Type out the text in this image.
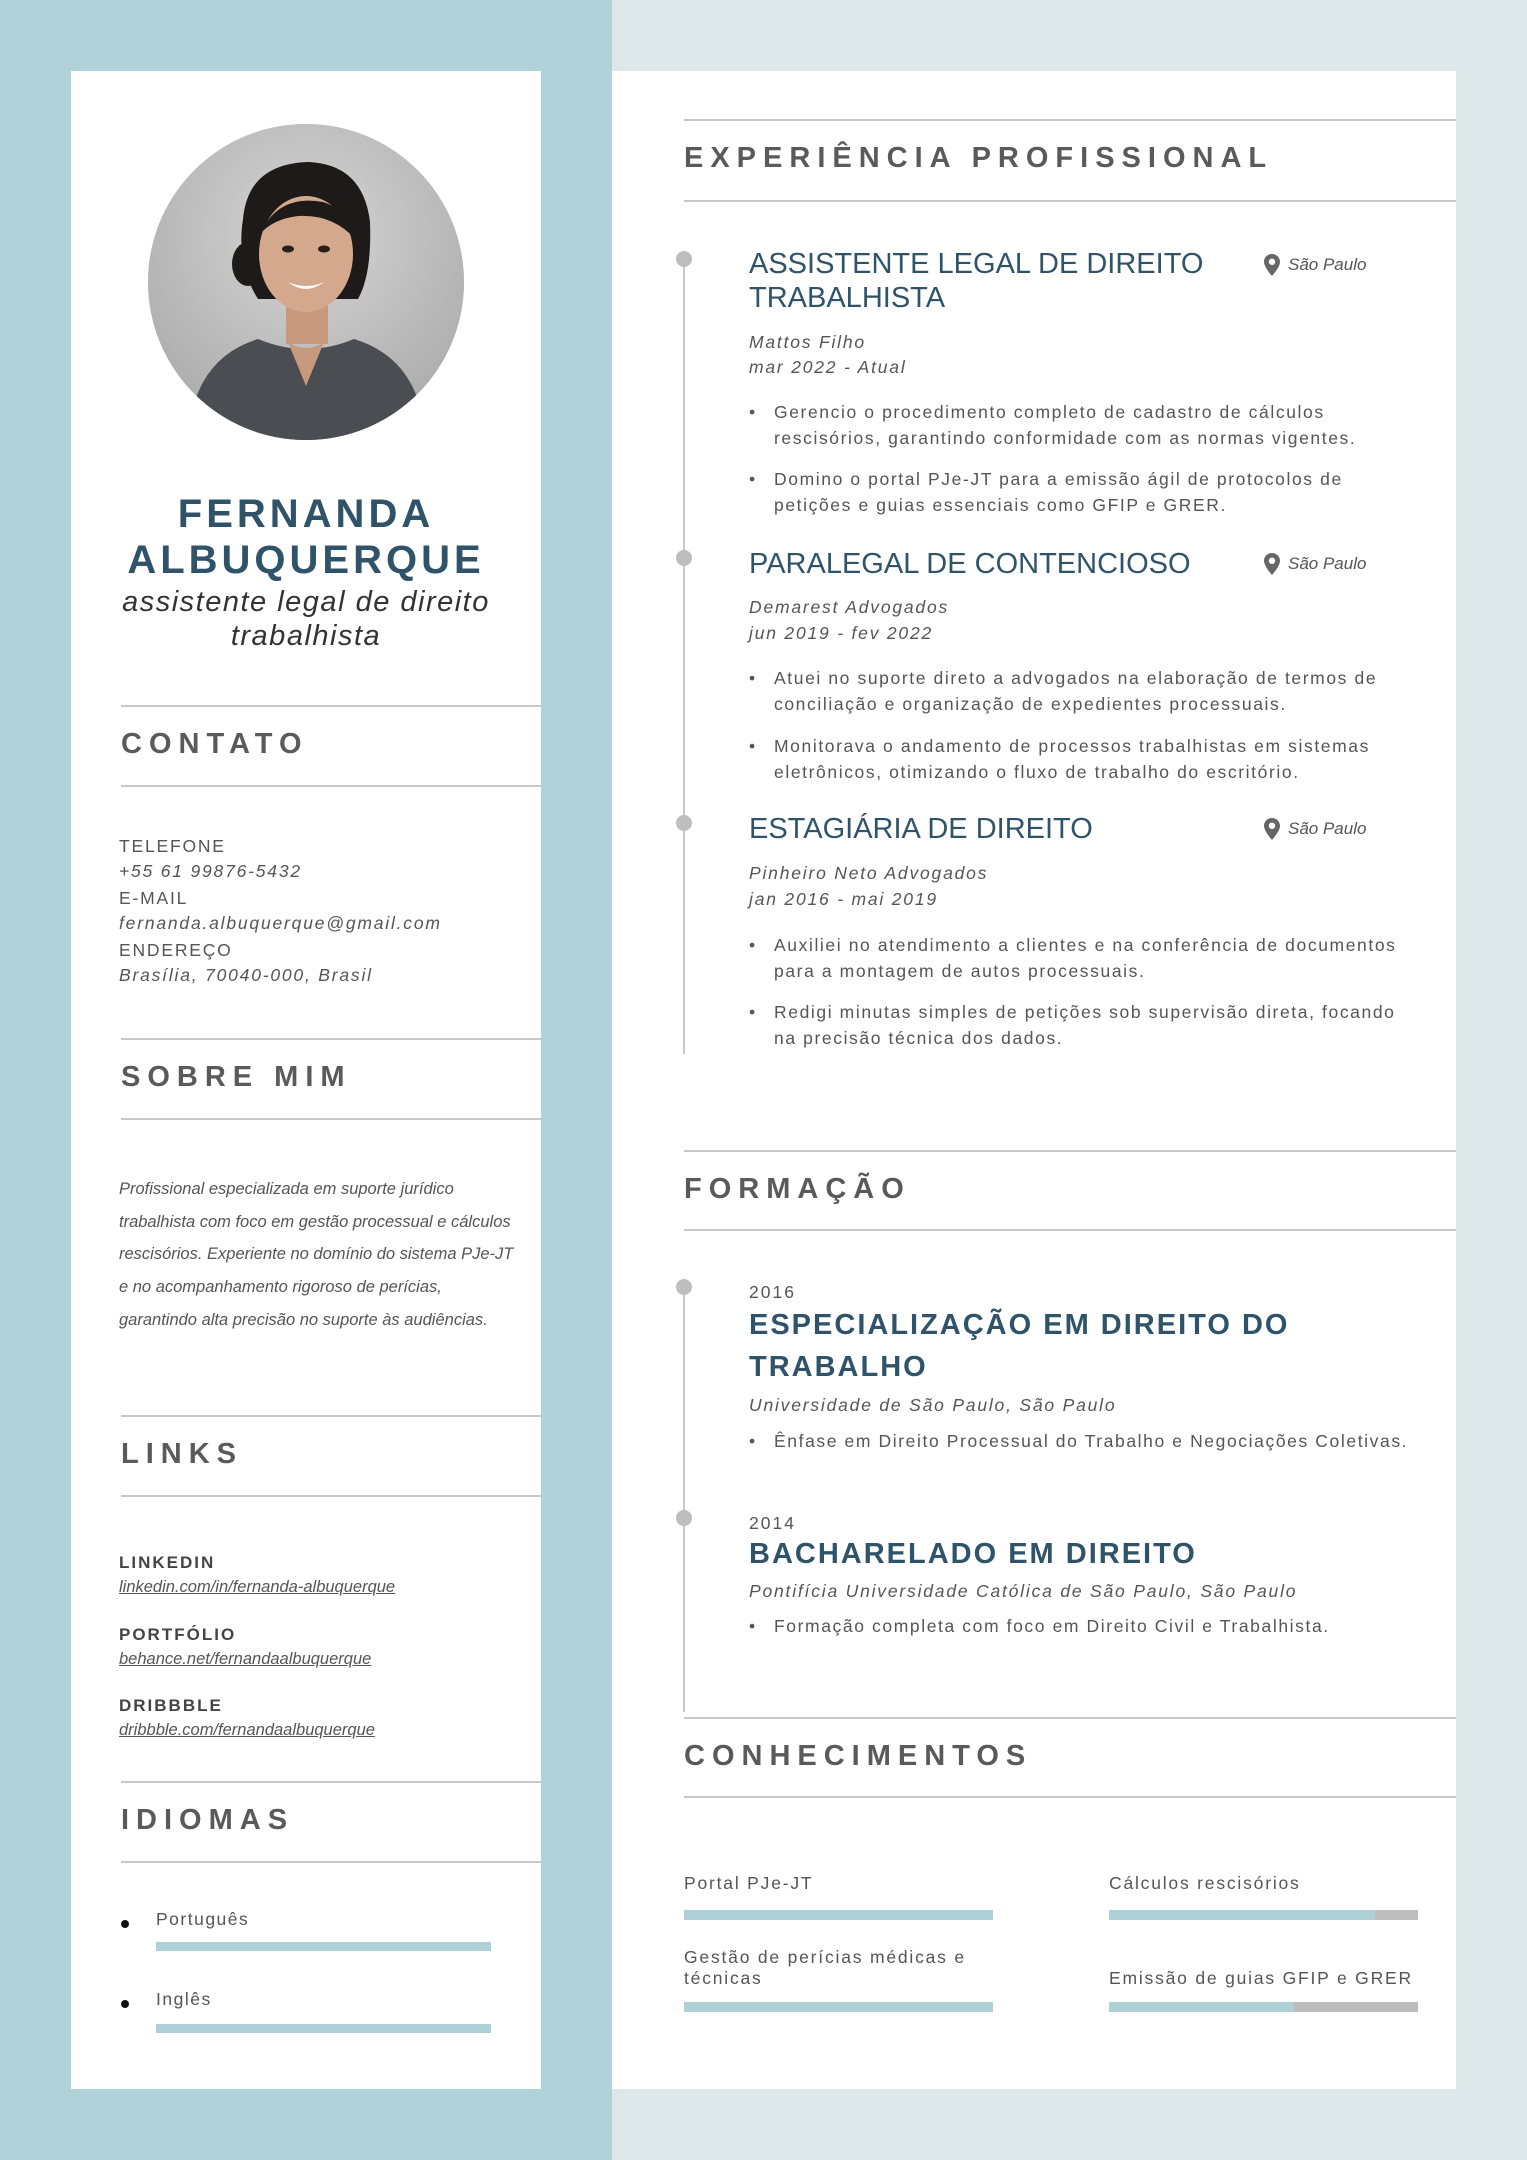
FERNANDA ALBUQUERQUE
assistente legal de direito trabalhista
CONTATO
TELEFONE
+55 61 99876-5432
E-MAIL
fernanda.albuquerque@gmail.com
ENDEREÇO
Brasília, 70040-000, Brasil
SOBRE MIM
Profissional especializada em suporte jurídico trabalhista com foco em gestão processual e cálculos rescisórios. Experiente no domínio do sistema PJe-JT e no acompanhamento rigoroso de perícias, garantindo alta precisão no suporte às audiências.
LINKS
LINKEDIN
linkedin.com/in/fernanda-albuquerque
PORTFÓLIO
behance.net/fernandaalbuquerque
DRIBBBLE
dribbble.com/fernandaalbuquerque
IDIOMAS
Português
Inglês
EXPERIÊNCIA PROFISSIONAL
ASSISTENTE LEGAL DE DIREITO TRABALHISTA
São Paulo
Mattos Filho
mar 2022 - Atual
• Gerencio o procedimento completo de cadastro de cálculos rescisórios, garantindo conformidade com as normas vigentes.
• Domino o portal PJe-JT para a emissão ágil de protocolos de petições e guias essenciais como GFIP e GRER.
PARALEGAL DE CONTENCIOSO	São Paulo
Demarest Advogados
jun 2019 - fev 2022
• Atuei no suporte direto a advogados na elaboração de termos de conciliação e organização de expedientes processuais.
• Monitorava o andamento de processos trabalhistas em sistemas eletrônicos, otimizando o fluxo de trabalho do escritório.
ESTAGIÁRIA DE DIREITO	São Paulo
Pinheiro Neto Advogados
jan 2016 - mai 2019
• Auxiliei no atendimento a clientes e na conferência de documentos para a montagem de autos processuais.
• Redigi minutas simples de petições sob supervisão direta, focando na precisão técnica dos dados.
FORMAÇÃO
2016
ESPECIALIZAÇÃO EM DIREITO DO TRABALHO
Universidade de São Paulo, São Paulo
• Ênfase em Direito Processual do Trabalho e Negociações Coletivas.
2014
BACHARELADO EM DIREITO
Pontifícia Universidade Católica de São Paulo, São Paulo
• Formação completa com foco em Direito Civil e Trabalhista.
CONHECIMENTOS
Portal PJe-JT	Cálculos rescisórios
Gestão de perícias médicas e técnicas	Emissão de guias GFIP e GRER
